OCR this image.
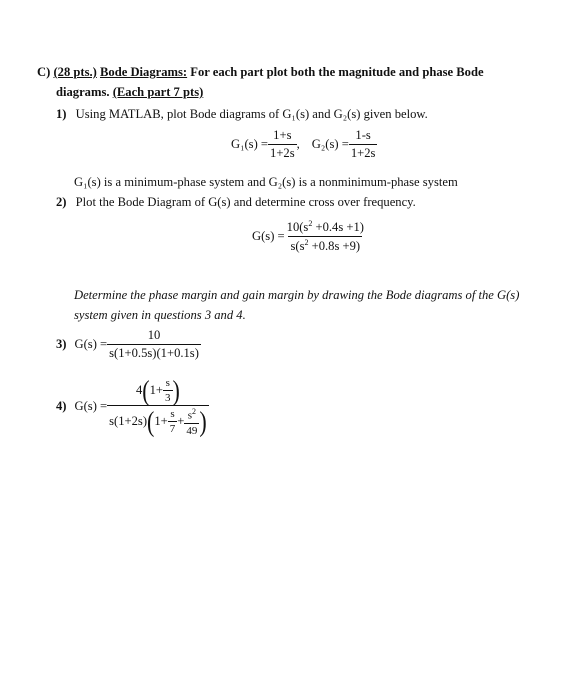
C) (28 pts.) Bode Diagrams: For each part plot both the magnitude and phase Bode
diagrams. (Each part 7 pts)
1) Using MATLAB, plot Bode diagrams of G₁(s) and G₂(s) given below.
$G_1(s) = \frac{1+s}{1+2s}$ , $G_2(s) = \frac{1-s}{1+2s}$
G₁(s) is a minimum-phase system and G₂(s) is a nonminimum-phase system
2) Plot the Bode Diagram of G(s) and determine cross over frequency.
$G(s) = \frac{10(s^2 +0.4s +1)}{s(s^2 +0.8s +9)}$
Determine the phase margin and gain margin by drawing the Bode diagrams of the G(s)
system given in questions 3 and 4.
3) $G(s) = \frac{10}{s(1+0.5s)(1+0.1s)}$
4) G(s) =
4 ( $1+ \frac{s}{3}$ )
s(1+2s) ( $1+ \frac{s}{7} + \frac{s^2}{49}$ )
